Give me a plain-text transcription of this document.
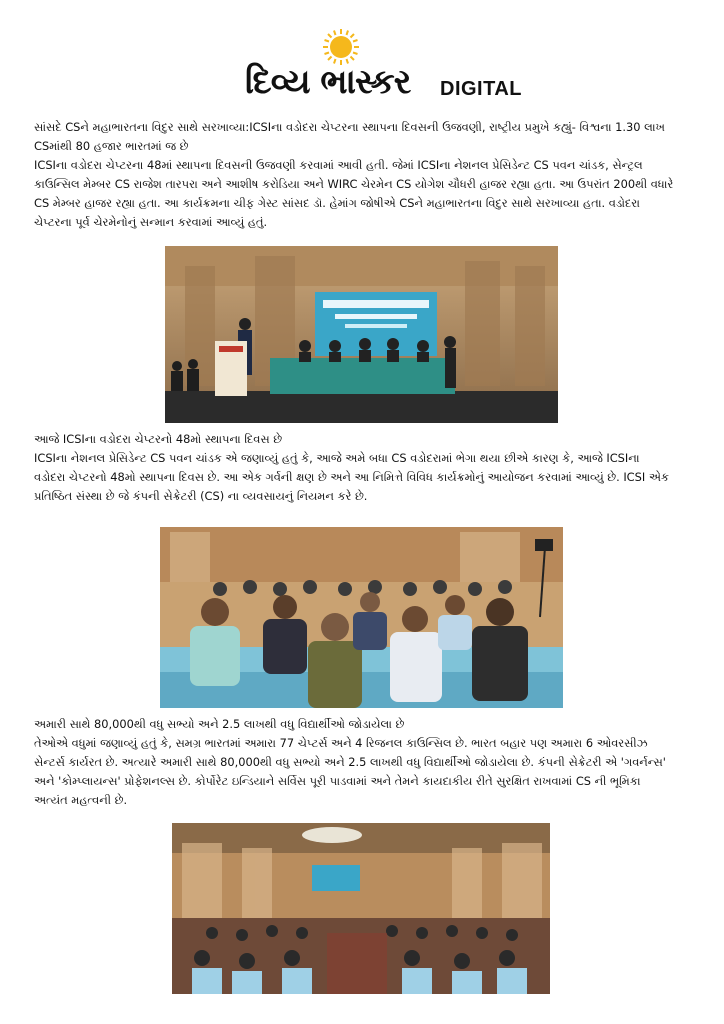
દિવ્ય ભાસ્કર DIGITAL

સાંસદે CSને મહાભારતના વિદુર સાથે સરખાવ્યા:ICSIના વડોદરા ચેપ્ટરના સ્થાપના દિવસની ઉજવણી, રાષ્ટ્રીય પ્રમુખે કહ્યું- વિશ્વના 1.30 લાખ CSમાંથી 80 હજાર ભારતમાં જ છે

ICSIના વડોદરા ચેપ્ટરના 48માં સ્થાપના દિવસની ઉજવણી કરવામાં આવી હતી. જેમાં ICSIના નેશનલ પ્રેસિડેન્ટ CS પવન ચાંડક, સેન્ટ્રલ કાઉન્સિલ મેમ્બર CS રાજેશ તારપરા અને આશીષ કરોડિયા અને WIRC ચેરમેન CS યોગેશ ચૌધરી હાજર રહ્યા હતા. આ ઉપરાંત 200થી વધારે CS મેમ્બર હાજર રહ્યા હતા. આ કાર્યક્રમના ચીફ ગેસ્ટ સાંસદ ડૉ. હેમાંગ જોષીએ CSને મહાભારતના વિદુર સાથે સરખાવ્યા હતા. વડોદરા ચેપ્ટરના પૂર્વ ચેરમેનોનું સન્માન કરવામાં આવ્યું હતું.

આજે ICSIના વડોદરા ચેપ્ટરનો 48મો સ્થાપના દિવસ છે

ICSIના નેશનલ પ્રેસિડેન્ટ CS પવન ચાંડક એ જણાવ્યું હતું કે, આજે અમે બધા CS વડોદરામાં ભેગા થયા છીએ કારણ કે, આજે ICSIના વડોદરા ચેપ્ટરનો 48મો સ્થાપના દિવસ છે. આ એક ગર્વની ક્ષણ છે અને આ નિમિત્તે વિવિધ કાર્યક્રમોનું આયોજન કરવામાં આવ્યું છે. ICSI એક પ્રતિષ્ઠિત સંસ્થા છે જે કંપની સેક્રેટરી (CS) ના વ્યવસાયનું નિયમન કરે છે.

અમારી સાથે 80,000થી વધુ સભ્યો અને 2.5 લાખથી વધુ વિદ્યાર્થીઓ જોડાયેલા છે

તેઓએ વધુમાં જણાવ્યું હતું કે, સમગ્ર ભારતમાં અમારા 77 ચેપ્ટર્સ અને 4 રિજનલ કાઉન્સિલ છે. ભારત બહાર પણ અમારા 6 ઓવરસીઝ સેન્ટર્સ કાર્યરત છે. અત્યારે અમારી સાથે 80,000થી વધુ સભ્યો અને 2.5 લાખથી વધુ વિદ્યાર્થીઓ જોડાયેલા છે. કંપની સેક્રેટરી એ 'ગવર્નન્સ' અને 'કોમ્પ્લાયન્સ' પ્રોફેશનલ્સ છે. કોર્પોરેટ ઇન્ડિયાને સર્વિસ પૂરી પાડવામાં અને તેમને કાયદાકીય રીતે સુરક્ષિત રાખવામાં CS ની ભૂમિકા અત્યંત મહત્વની છે.
